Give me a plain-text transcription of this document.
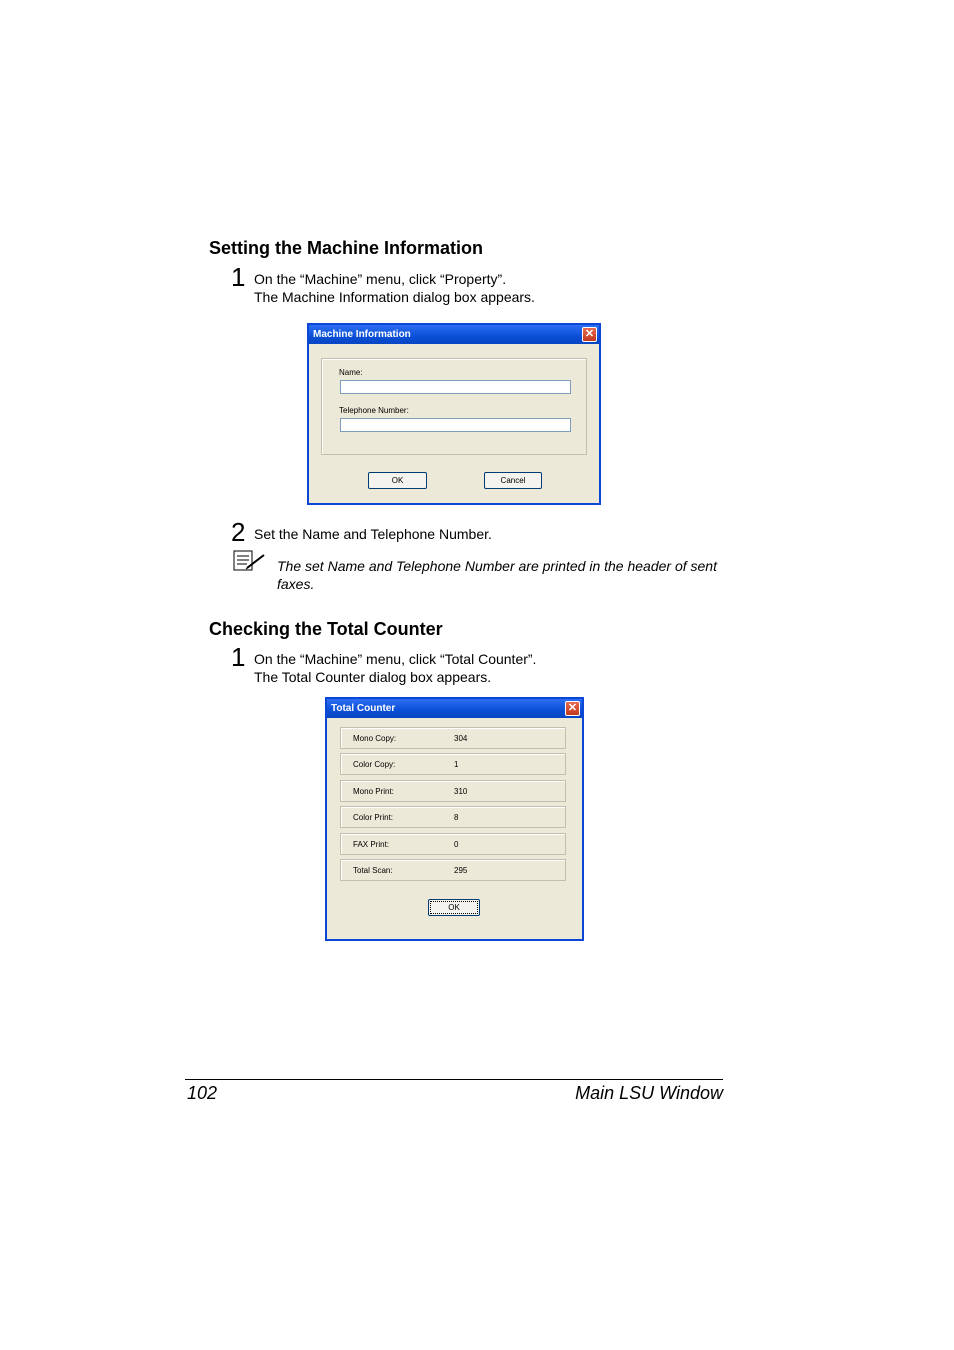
Setting the Machine Information
1 On the “Machine” menu, click “Property”.
The Machine Information dialog box appears.
Machine Information	✕
Name:
Telephone Number:
OK	Cancel
2 Set the Name and Telephone Number.
The set Name and Telephone Number are printed in the header of sent faxes.
Checking the Total Counter
1 On the “Machine” menu, click “Total Counter”.
The Total Counter dialog box appears.
Total Counter	✕
Mono Copy:	304
Color Copy:	1
Mono Print:	310
Color Print:	8
FAX Print:	0
Total Scan:	295
OK
102	Main LSU Window
